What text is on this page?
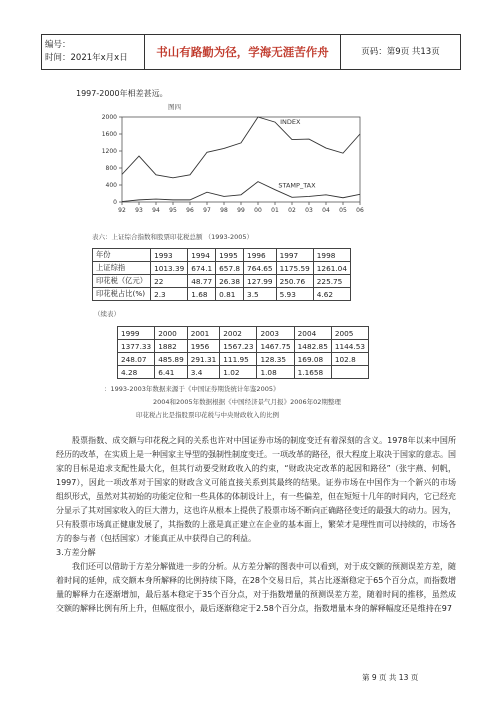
编号：
时间：2021年x月x日	书山有路勤为径，学海无涯苦作舟	页码：第9页 共13页
1997-2000年相差甚远。
图四
0
400
800
1200
1600
2000
92 93 94 95 96 97 98 99 00 01 02 03 04 05 06
INDEX
STAMP_TAX
表六：上证综合指数和股票印花税总额 （1993-2005）
年份	1993	1994	1995	1996	1997	1998
上证综指	1013.39	674.1	657.8	764.65	1175.59	1261.04
印花税（亿元）	22	48.77	26.38	127.99	250.76	225.75
印花税占比(%)	2.3	1.68	0.81	3.5	5.93	4.62
（续表）
1999	2000	2001	2002	2003	2004	2005
1377.33	1882	1956	1567.23	1467.75	1482.85	1144.53
248.07	485.89	291.31	111.95	128.35	169.08	102.8
4.28	6.41	3.4	1.02	1.08	1.1658	
：1993-2003年数据来源于《中国证券期货统计年鉴2005》
2004和2005年数据根据《中国经济景气月报》2006年02期整理
印花税占比是指股票印花税与中央财政收入的比例

股票指数、成交额与印花税之间的关系也许对中国证券市场的制度变迁有着深刻的含义。1978年以来中国所经历的改革，在实质上是一种国家主导型的强制性制度变迁。一项改革的路径，很大程度上取决于国家的意志。国家的目标是追求支配性最大化，但其行动要受财政收入的约束，“财政决定改革的起因和路径”（张宇燕、何帆，1997），因此一项改革对于国家的财政含义可能直接关系到其最终的结果。证券市场在中国作为一个新兴的市场组织形式，虽然对其初始的功能定位和一些具体的体制设计上，有一些偏差，但在短短十几年的时间内，它已经充分显示了其对国家收入的巨大潜力，这也许从根本上提供了股票市场不断向正确路径变迁的最强大的动力。因为，只有股票市场真正健康发展了，其指数的上涨是真正建立在企业的基本面上，繁荣才是理性而可以持续的，市场各方的参与者（包括国家）才能真正从中获得自己的利益。

3.方差分解

我们还可以借助于方差分解做进一步的分析。从方差分解的图表中可以看到，对于成交额的预测误差方差，随着时间的延伸，成交额本身所解释的比例持续下降，在28个交易日后，其占比逐渐稳定于65个百分点，而指数增量的解释力在逐渐增加，最后基本稳定于35个百分点，对于指数增量的预测误差方差，随着时间的推移，虽然成交额的解释比例有所上升，但幅度很小，最后逐渐稳定于2.58个百分点，指数增量本身的解释幅度还是维持在97

第 9 页 共 13 页
